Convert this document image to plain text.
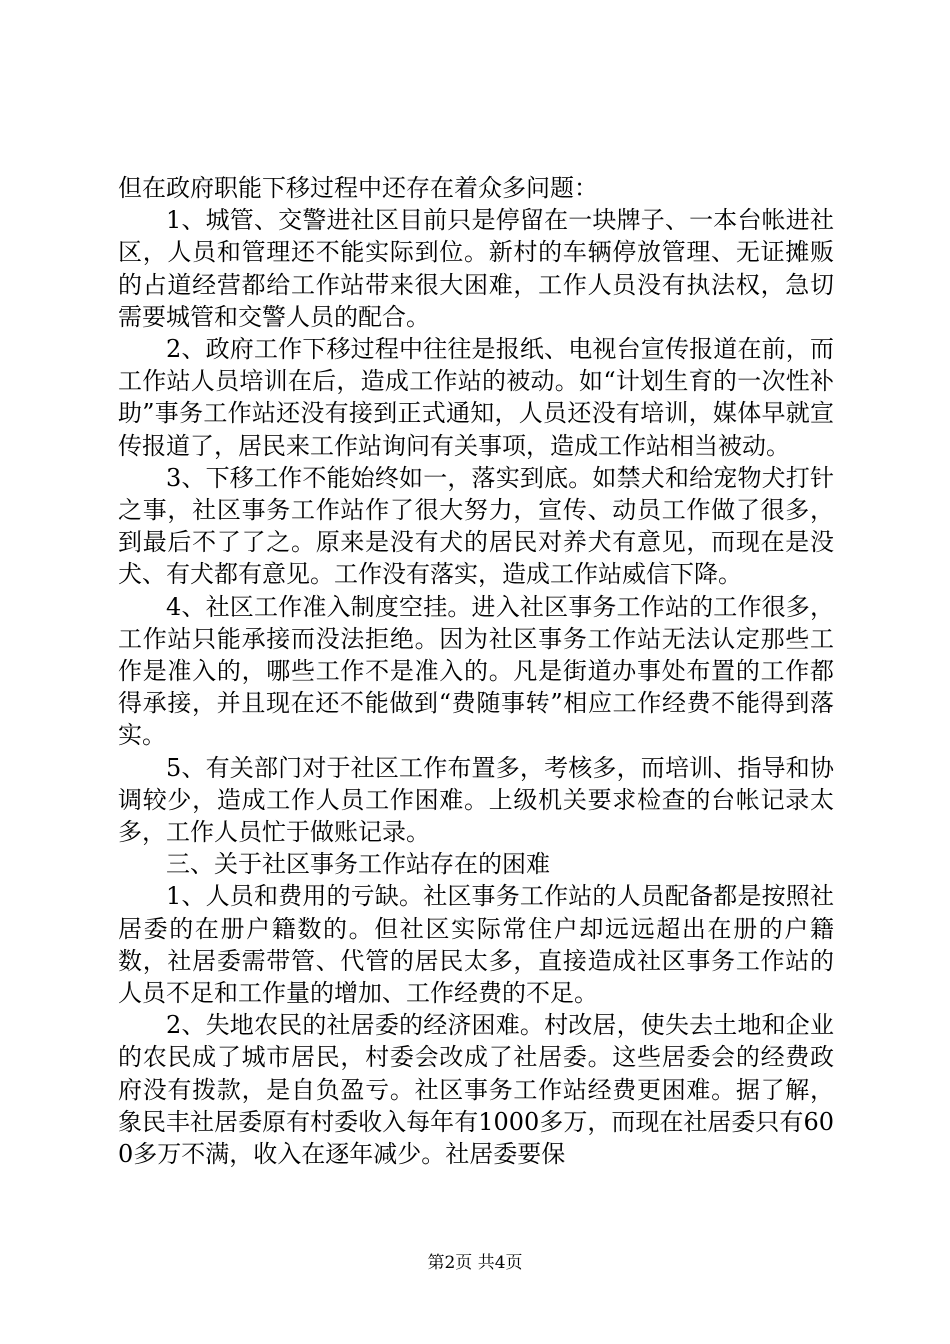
但在政府职能下移过程中还存在着众多问题：

1、城管、交警进社区目前只是停留在一块牌子、一本台帐进社区，人员和管理还不能实际到位。新村的车辆停放管理、无证摊贩的占道经营都给工作站带来很大困难，工作人员没有执法权，急切需要城管和交警人员的配合。

2、政府工作下移过程中往往是报纸、电视台宣传报道在前，而工作站人员培训在后，造成工作站的被动。如“计划生育的一次性补助”事务工作站还没有接到正式通知，人员还没有培训，媒体早就宣传报道了，居民来工作站询问有关事项，造成工作站相当被动。

3、下移工作不能始终如一，落实到底。如禁犬和给宠物犬打针之事，社区事务工作站作了很大努力，宣传、动员工作做了很多，到最后不了了之。原来是没有犬的居民对养犬有意见，而现在是没犬、有犬都有意见。工作没有落实，造成工作站威信下降。

4、社区工作准入制度空挂。进入社区事务工作站的工作很多，工作站只能承接而没法拒绝。因为社区事务工作站无法认定那些工作是准入的，哪些工作不是准入的。凡是街道办事处布置的工作都得承接，并且现在还不能做到“费随事转”相应工作经费不能得到落实。

5、有关部门对于社区工作布置多，考核多，而培训、指导和协调较少，造成工作人员工作困难。上级机关要求检查的台帐记录太多，工作人员忙于做账记录。

三、关于社区事务工作站存在的困难

1、人员和费用的亏缺。社区事务工作站的人员配备都是按照社居委的在册户籍数的。但社区实际常住户却远远超出在册的户籍数，社居委需带管、代管的居民太多，直接造成社区事务工作站的人员不足和工作量的增加、工作经费的不足。

2、失地农民的社居委的经济困难。村改居，使失去土地和企业的农民成了城市居民，村委会改成了社居委。这些居委会的经费政府没有拨款，是自负盈亏。社区事务工作站经费更困难。据了解，象民丰社居委原有村委收入每年有1000多万，而现在社居委只有600多万不满，收入在逐年减少。社居委要保

第2页 共4页
